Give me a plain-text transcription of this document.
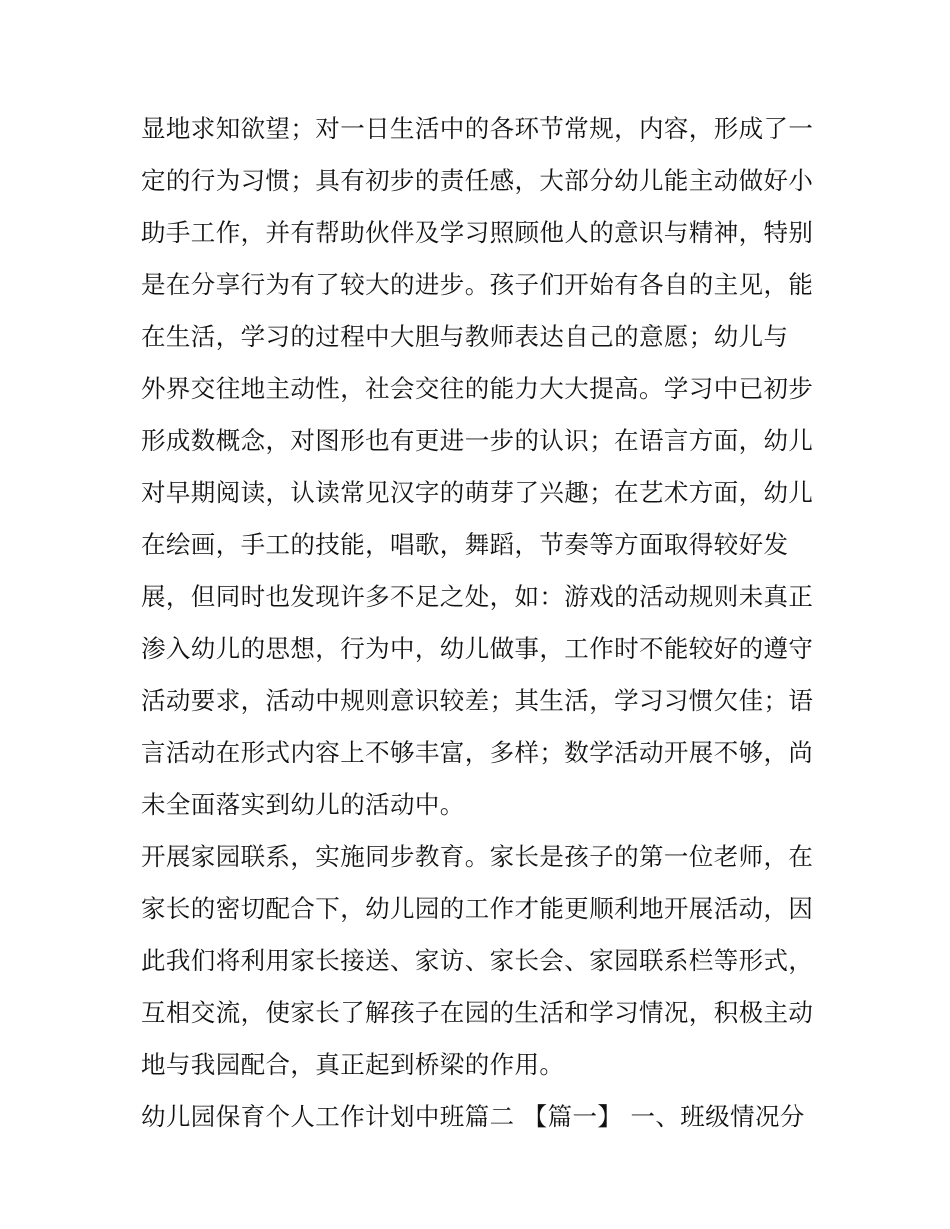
显地求知欲望；对一日生活中的各环节常规，内容，形成了一
定的行为习惯；具有初步的责任感，大部分幼儿能主动做好小
助手工作，并有帮助伙伴及学习照顾他人的意识与精神，特别
是在分享行为有了较大的进步。孩子们开始有各自的主见，能
在生活，学习的过程中大胆与教师表达自己的意愿；幼儿与
外界交往地主动性，社会交往的能力大大提高。学习中已初步
形成数概念，对图形也有更进一步的认识；在语言方面，幼儿
对早期阅读，认读常见汉字的萌芽了兴趣；在艺术方面，幼儿
在绘画，手工的技能，唱歌，舞蹈，节奏等方面取得较好发
展，但同时也发现许多不足之处，如：游戏的活动规则未真正
渗入幼儿的思想，行为中，幼儿做事，工作时不能较好的遵守
活动要求，活动中规则意识较差；其生活，学习习惯欠佳；语
言活动在形式内容上不够丰富，多样；数学活动开展不够，尚
未全面落实到幼儿的活动中。
开展家园联系，实施同步教育。家长是孩子的第一位老师，在
家长的密切配合下，幼儿园的工作才能更顺利地开展活动，因
此我们将利用家长接送、家访、家长会、家园联系栏等形式，
互相交流，使家长了解孩子在园的生活和学习情况，积极主动
地与我园配合，真正起到桥梁的作用。
幼儿园保育个人工作计划中班篇二 【篇一】 一、班级情况分
